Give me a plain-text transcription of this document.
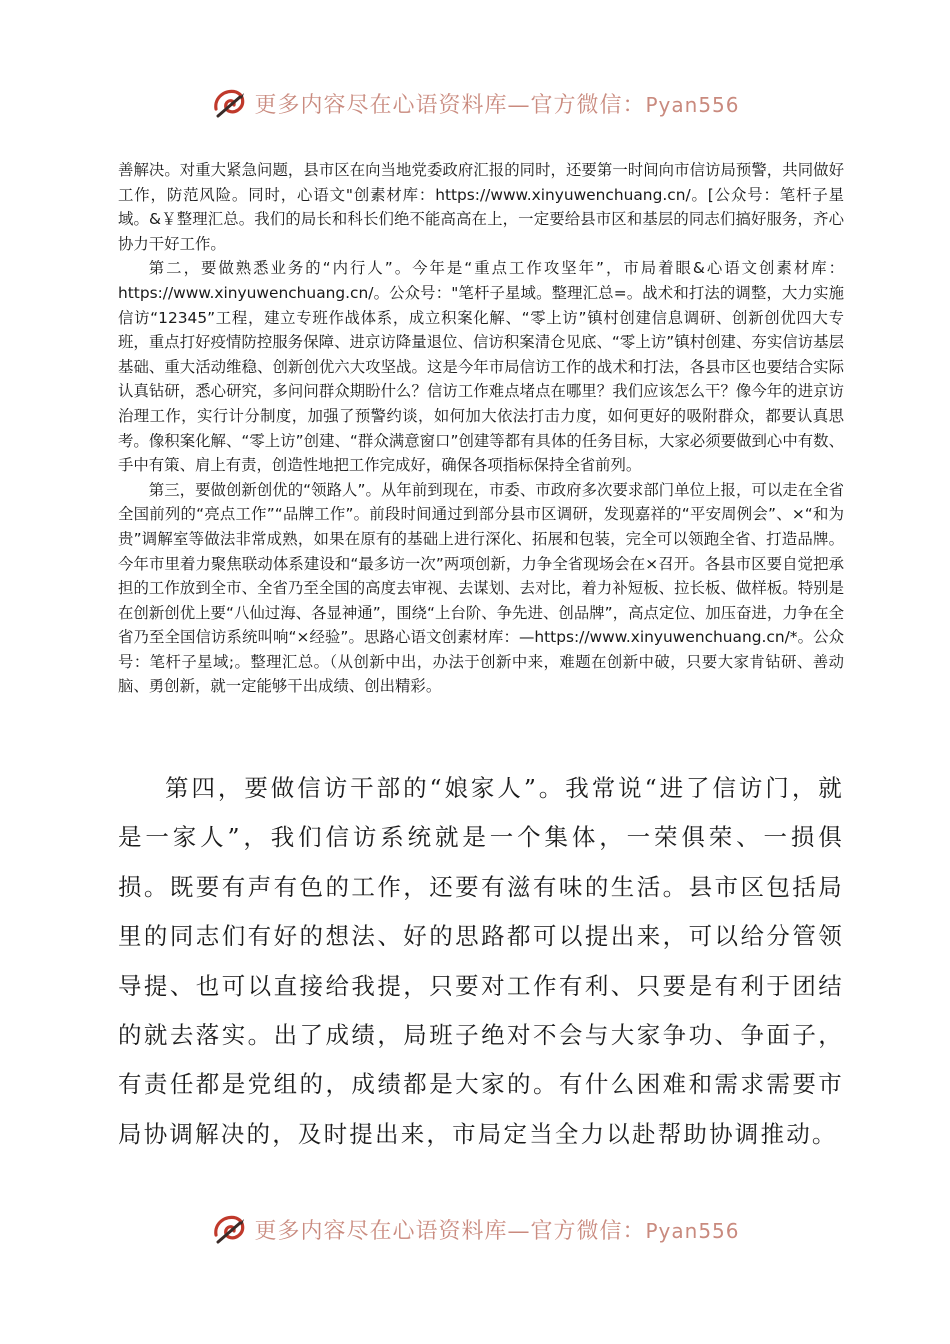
更多内容尽在心语资料库—官方微信：Pyan556

善解决。对重大紧急问题，县市区在向当地党委政府汇报的同时，还要第一时间向市信访局预警，共同做好工作，防范风险。同时，心语文"创素材库：https://www.xinyuwenchuang.cn/。[公众号：笔杆子星域。&￥整理汇总。我们的局长和科长们绝不能高高在上，一定要给县市区和基层的同志们搞好服务，齐心协力干好工作。

第二，要做熟悉业务的“内行人”。今年是“重点工作攻坚年”，市局着眼&心语文创素材库：https://www.xinyuwenchuang.cn/。公众号："笔杆子星域。整理汇总=。战术和打法的调整，大力实施信访“12345”工程，建立专班作战体系，成立积案化解、“零上访”镇村创建信息调研、创新创优四大专班，重点打好疫情防控服务保障、进京访降量退位、信访积案清仓见底、“零上访”镇村创建、夯实信访基层基础、重大活动维稳、创新创优六大攻坚战。这是今年市局信访工作的战术和打法，各县市区也要结合实际认真钻研，悉心研究，多问问群众期盼什么？信访工作难点堵点在哪里？我们应该怎么干？像今年的进京访治理工作，实行计分制度，加强了预警约谈，如何加大依法打击力度，如何更好的吸附群众，都要认真思考。像积案化解、“零上访”创建、“群众满意窗口”创建等都有具体的任务目标，大家必须要做到心中有数、手中有策、肩上有责，创造性地把工作完成好，确保各项指标保持全省前列。

第三，要做创新创优的“领路人”。从年前到现在，市委、市政府多次要求部门单位上报，可以走在全省全国前列的“亮点工作”“品牌工作”。前段时间通过到部分县市区调研，发现嘉祥的“平安周例会”、×“和为贵”调解室等做法非常成熟，如果在原有的基础上进行深化、拓展和包装，完全可以领跑全省、打造品牌。今年市里着力聚焦联动体系建设和“最多访一次”两项创新，力争全省现场会在×召开。各县市区要自觉把承担的工作放到全市、全省乃至全国的高度去审视、去谋划、去对比，着力补短板、拉长板、做样板。特别是在创新创优上要“八仙过海、各显神通”，围绕“上台阶、争先进、创品牌”，高点定位、加压奋进，力争在全省乃至全国信访系统叫响“×经验”。思路心语文创素材库：—https://www.xinyuwenchuang.cn/*。公众号：笔杆子星域;。整理汇总。（从创新中出，办法于创新中来，难题在创新中破，只要大家肯钻研、善动脑、勇创新，就一定能够干出成绩、创出精彩。

第四，要做信访干部的“娘家人”。我常说“进了信访门，就是一家人”，我们信访系统就是一个集体，一荣俱荣、一损俱损。既要有声有色的工作，还要有滋有味的生活。县市区包括局里的同志们有好的想法、好的思路都可以提出来，可以给分管领导提、也可以直接给我提，只要对工作有利、只要是有利于团结的就去落实。出了成绩，局班子绝对不会与大家争功、争面子，有责任都是党组的，成绩都是大家的。有什么困难和需求需要市局协调解决的，及时提出来，市局定当全力以赴帮助协调推动。

更多内容尽在心语资料库—官方微信：Pyan556
